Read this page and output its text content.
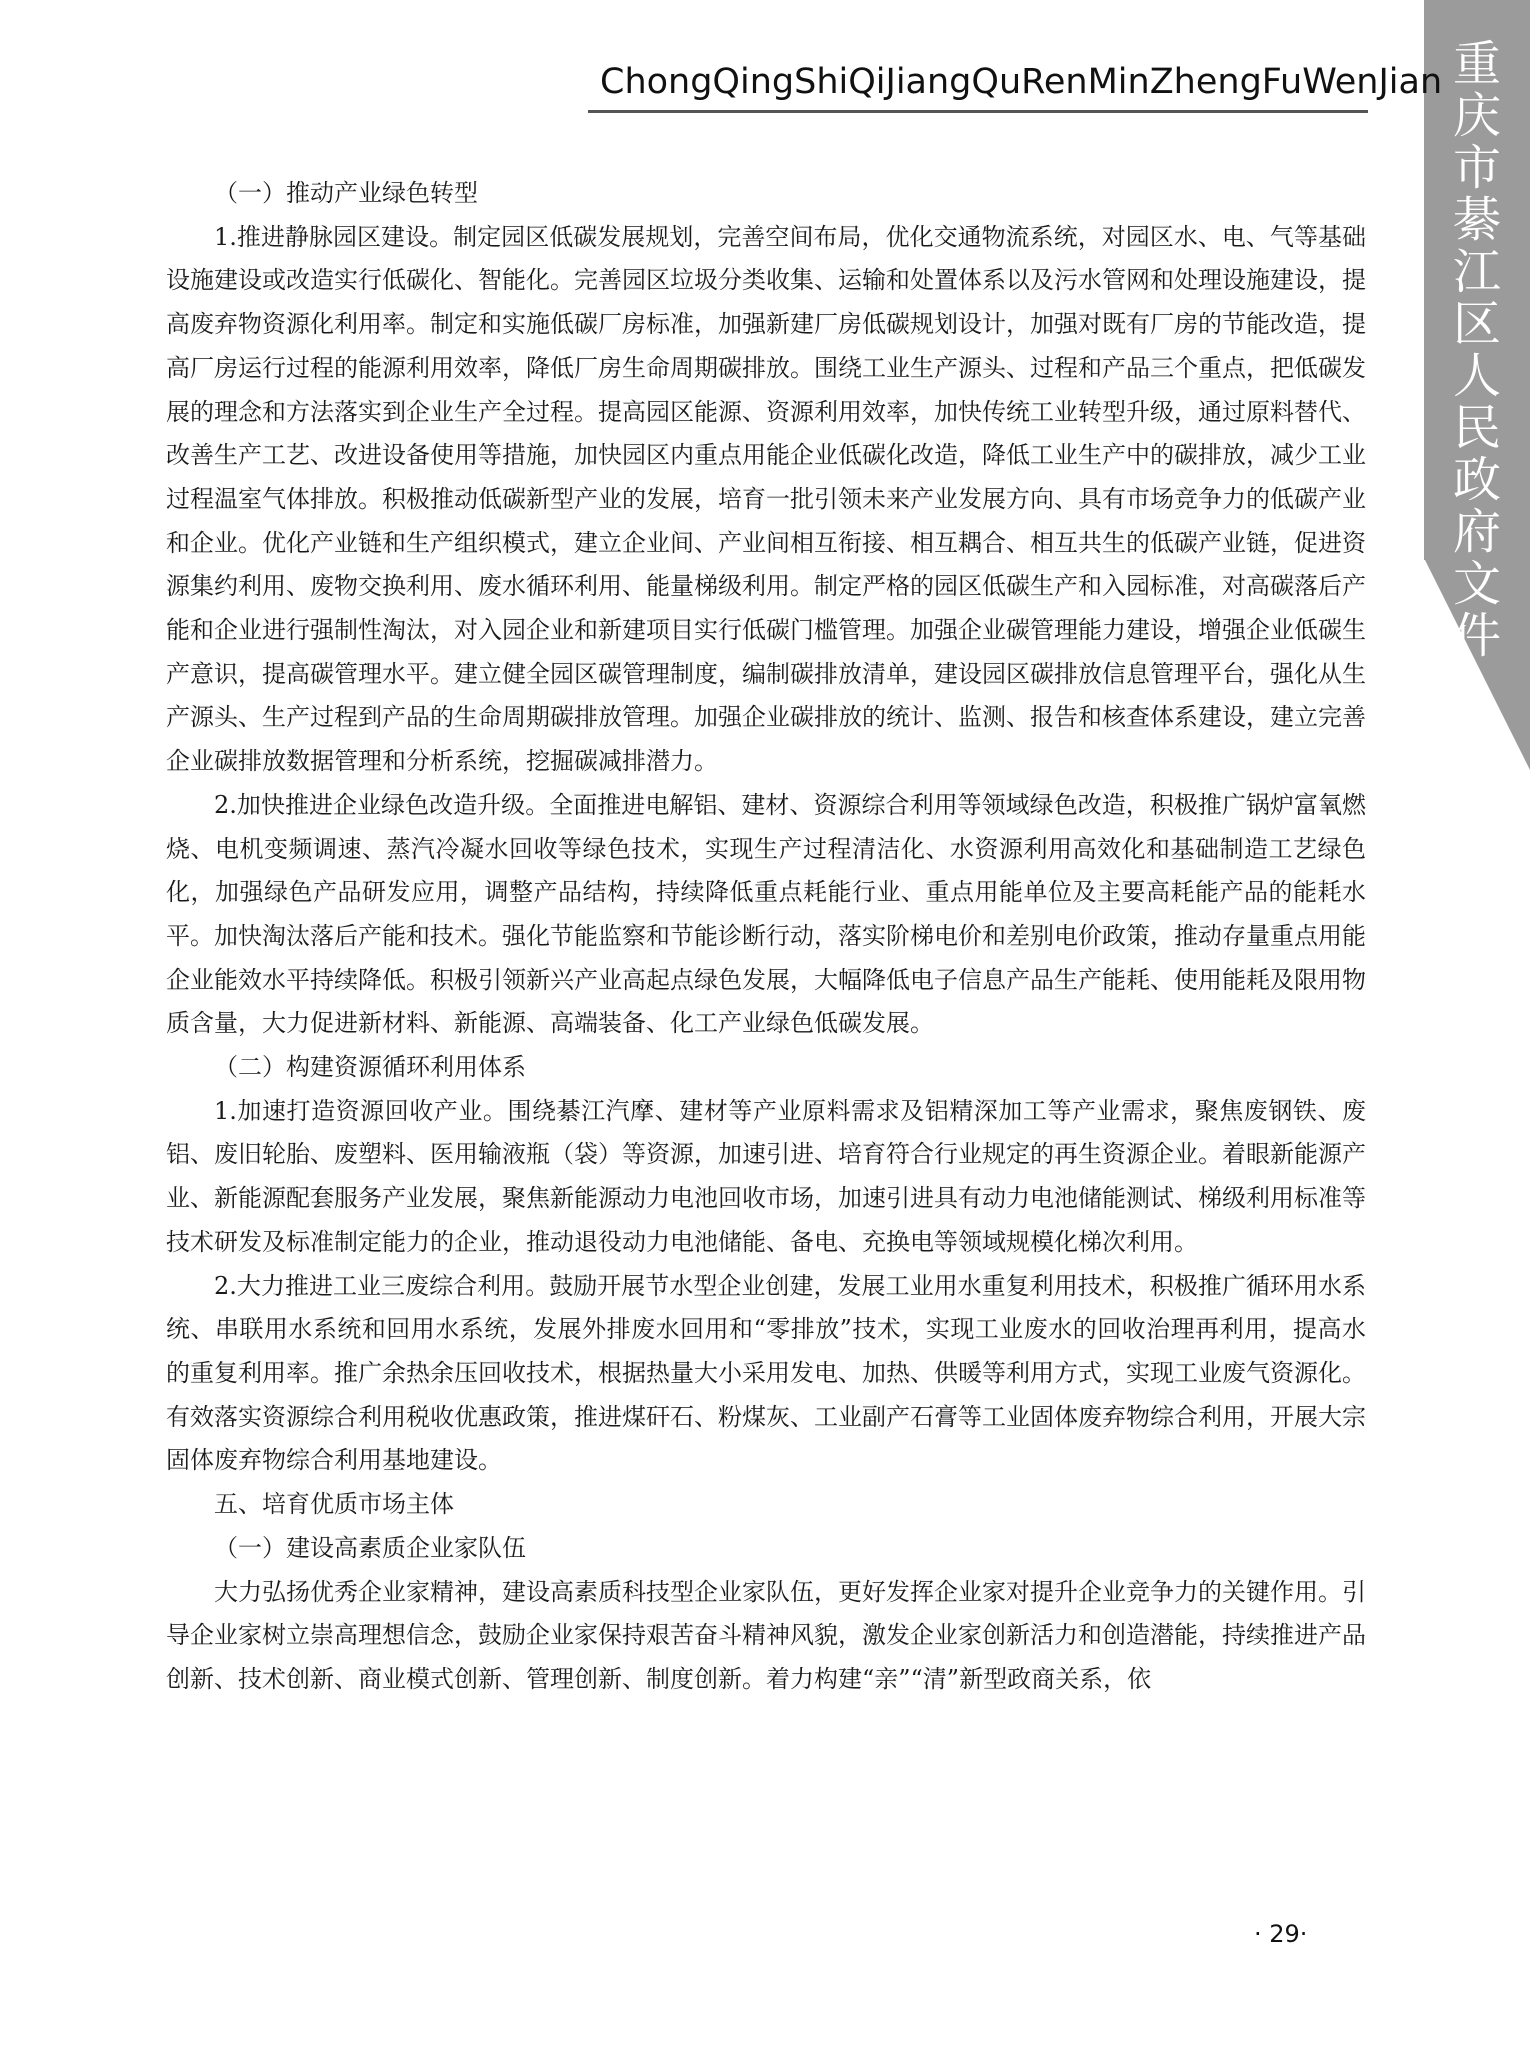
重庆市綦江区人民政府文件
ChongQingShiQiJiangQuRenMinZhengFuWenJian

（一）推动产业绿色转型

1.推进静脉园区建设。制定园区低碳发展规划，完善空间布局，优化交通物流系统，对园区水、电、气等基础设施建设或改造实行低碳化、智能化。完善园区垃圾分类收集、运输和处置体系以及污水管网和处理设施建设，提高废弃物资源化利用率。制定和实施低碳厂房标准，加强新建厂房低碳规划设计，加强对既有厂房的节能改造，提高厂房运行过程的能源利用效率，降低厂房生命周期碳排放。围绕工业生产源头、过程和产品三个重点，把低碳发展的理念和方法落实到企业生产全过程。提高园区能源、资源利用效率，加快传统工业转型升级，通过原料替代、改善生产工艺、改进设备使用等措施，加快园区内重点用能企业低碳化改造，降低工业生产中的碳排放，减少工业过程温室气体排放。积极推动低碳新型产业的发展，培育一批引领未来产业发展方向、具有市场竞争力的低碳产业和企业。优化产业链和生产组织模式，建立企业间、产业间相互衔接、相互耦合、相互共生的低碳产业链，促进资源集约利用、废物交换利用、废水循环利用、能量梯级利用。制定严格的园区低碳生产和入园标准，对高碳落后产能和企业进行强制性淘汰，对入园企业和新建项目实行低碳门槛管理。加强企业碳管理能力建设，增强企业低碳生产意识，提高碳管理水平。建立健全园区碳管理制度，编制碳排放清单，建设园区碳排放信息管理平台，强化从生产源头、生产过程到产品的生命周期碳排放管理。加强企业碳排放的统计、监测、报告和核查体系建设，建立完善企业碳排放数据管理和分析系统，挖掘碳减排潜力。

2.加快推进企业绿色改造升级。全面推进电解铝、建材、资源综合利用等领域绿色改造，积极推广锅炉富氧燃烧、电机变频调速、蒸汽冷凝水回收等绿色技术，实现生产过程清洁化、水资源利用高效化和基础制造工艺绿色化，加强绿色产品研发应用，调整产品结构，持续降低重点耗能行业、重点用能单位及主要高耗能产品的能耗水平。加快淘汰落后产能和技术。强化节能监察和节能诊断行动，落实阶梯电价和差别电价政策，推动存量重点用能企业能效水平持续降低。积极引领新兴产业高起点绿色发展，大幅降低电子信息产品生产能耗、使用能耗及限用物质含量，大力促进新材料、新能源、高端装备、化工产业绿色低碳发展。

（二）构建资源循环利用体系

1.加速打造资源回收产业。围绕綦江汽摩、建材等产业原料需求及铝精深加工等产业需求，聚焦废钢铁、废铝、废旧轮胎、废塑料、医用输液瓶（袋）等资源，加速引进、培育符合行业规定的再生资源企业。着眼新能源产业、新能源配套服务产业发展，聚焦新能源动力电池回收市场，加速引进具有动力电池储能测试、梯级利用标准等技术研发及标准制定能力的企业，推动退役动力电池储能、备电、充换电等领域规模化梯次利用。

2.大力推进工业三废综合利用。鼓励开展节水型企业创建，发展工业用水重复利用技术，积极推广循环用水系统、串联用水系统和回用水系统，发展外排废水回用和“零排放”技术，实现工业废水的回收治理再利用，提高水的重复利用率。推广余热余压回收技术，根据热量大小采用发电、加热、供暖等利用方式，实现工业废气资源化。有效落实资源综合利用税收优惠政策，推进煤矸石、粉煤灰、工业副产石膏等工业固体废弃物综合利用，开展大宗固体废弃物综合利用基地建设。

五、培育优质市场主体

（一）建设高素质企业家队伍

大力弘扬优秀企业家精神，建设高素质科技型企业家队伍，更好发挥企业家对提升企业竞争力的关键作用。引导企业家树立崇高理想信念，鼓励企业家保持艰苦奋斗精神风貌，激发企业家创新活力和创造潜能，持续推进产品创新、技术创新、商业模式创新、管理创新、制度创新。着力构建“亲”“清”新型政商关系，依

· 29·
